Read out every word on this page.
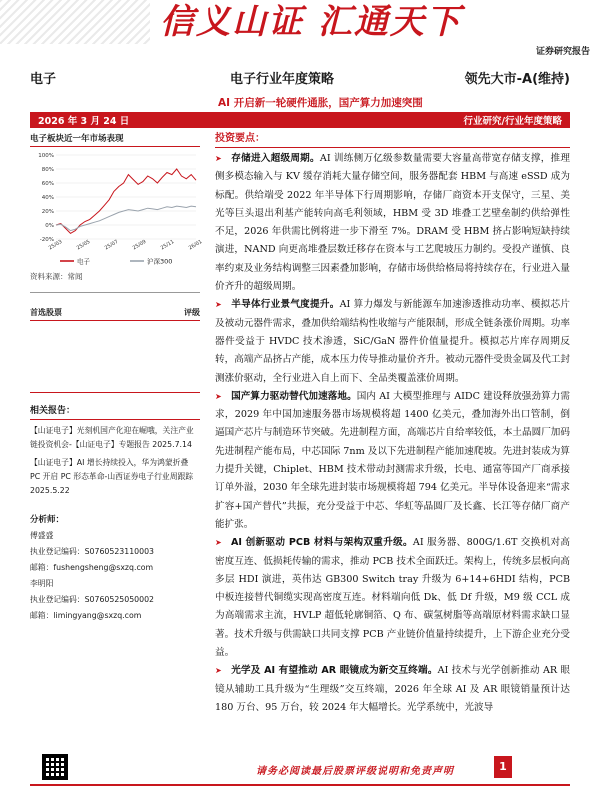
信义山证 汇通天下
证券研究报告
电子	电子行业年度策略	领先大市-A(维持)
AI 开启新一轮硬件通胀，国产算力加速突围
2026 年 3 月 24 日	行业研究/行业年度策略
电子板块近一年市场表现
100%
80%
60%
40%
20%
0%
-20%
25/03	25/05	25/07	25/09	25/11	26/01
电子	沪深300
资料来源：常闻
首选股票	评级
相关报告：

【山证电子】光刻机国产化迎在崛哦，关注产业链投资机会-【山证电子】专题报告 2025.7.14

【山证电子】AI 增长持续投入，华为鸿蒙折叠 PC 开启 PC 形态革命-山西证券电子行业周跟踪 2025.5.22

分析师：
傅盛盛
执业登记编码：S0760523110003
邮箱：fushengsheng@sxzq.com
李明阳
执业登记编码：S0760525050002
邮箱：limingyang@sxzq.com
投资要点：
➤ 存储进入超级周期。AI 训练侧万亿级参数量需要大容量高带宽存储支撑，推理侧多模态输入与 KV 缓存消耗大量存储空间，服务器配套 HBM 与高速 eSSD 成为标配。供给端受 2022 年半导体下行周期影响，存储厂商资本开支保守，三星、美光等巨头退出利基产能转向高毛利领域，HBM 受 3D 堆叠工艺壁垒制约供给弹性不足，2026 年供需比例将进一步下滑至 7%。DRAM 受 HBM 挤占影响短缺持续演进，NAND 向更高堆叠层数迁移存在资本与工艺爬坡压力制约。受投产谨慎、良率约束及业务结构调整三因素叠加影响，存储市场供给格局将持续存在，行业进入量价齐升的超级周期。
➤ 半导体行业景气度提升。AI 算力爆发与新能源车加速渗透推动功率、模拟芯片及被动元器件需求，叠加供给端结构性收缩与产能限制，形成全链条涨价周期。功率器件受益于 HVDC 技术渗透，SiC/GaN 器件价值量提升。模拟芯片库存周期反转，高端产品挤占产能，成本压力传导推动量价齐升。被动元器件受贵金属及代工封测涨价驱动，全行业进入自上而下、全品类覆盖涨价周期。
➤ 国产算力驱动替代加速落地。国内 AI 大模型推理与 AIDC 建设释放强劲算力需求，2029 年中国加速服务器市场规模将超 1400 亿美元，叠加海外出口管制，倒逼国产芯片与制造环节突破。先进制程方面，高端芯片自给率较低，本土晶圆厂加码先进制程产能布局，中芯国际 7nm 及以下先进制程产能加速爬坡。先进封装成为算力提升关键，Chiplet、HBM 技术带动封测需求升级，长电、通富等国产厂商承接订单外溢，2030 年全球先进封装市场规模将超 794 亿美元。半导体设备迎来“需求扩容+国产替代”共振，充分受益于中芯、华虹等晶圆厂及长鑫、长江等存储厂商产能扩张。
➤ AI 创新驱动 PCB 材料与架构双重升级。AI 服务器、800G/1.6T 交换机对高密度互连、低损耗传输的需求，推动 PCB 技术全面跃迁。架构上，传统多层板向高多层 HDI 演进，英伟达 GB300 Switch tray 升级为 6+14+6HDI 结构，PCB 中板连接替代铜缆实现高密度互连。材料端向低 Dk、低 Df 升级，M9 级 CCL 成为高端需求主流，HVLP 超低轮廓铜箔、Q 布、碳氢树脂等高端原材料需求缺口显著。技术升级与供需缺口共同支撑 PCB 产业链价值量持续提升，上下游企业充分受益。
➤ 光学及 AI 有望推动 AR 眼镜成为新交互终端。AI 技术与光学创新推动 AR 眼镜从辅助工具升级为“生理级”交互终端，2026 年全球 AI 及 AR 眼镜销量预计达 180 万台、95 万台，较 2024 年大幅增长。光学系统中，光波导
请务必阅读最后股票评级说明和免责声明	1
